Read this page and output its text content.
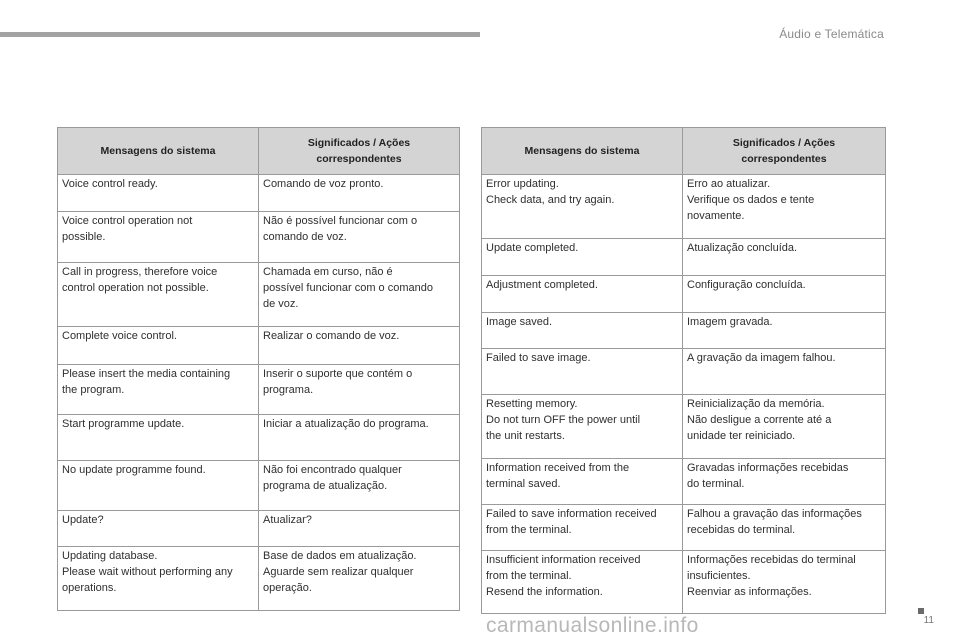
Áudio e Telemática
Mensagens do sistema	Significados / Ações correspondentes

Voice control ready.	Comando de voz pronto.

Voice control operation not
possible.	Não é possível funcionar com o
comando de voz.

Call in progress, therefore voice
control operation not possible.	Chamada em curso, não é
possível funcionar com o comando
de voz.

Complete voice control.	Realizar o comando de voz.

Please insert the media containing
the program.	Inserir o suporte que contém o
programa.

Start programme update.	Iniciar a atualização do programa.

No update programme found.	Não foi encontrado qualquer
programa de atualização.

Update?	Atualizar?

Updating database.
Please wait without performing any
operations.	Base de dados em atualização.
Aguarde sem realizar qualquer
operação.
Mensagens do sistema	Significados / Ações correspondentes

Error updating.
Check data, and try again.	Erro ao atualizar.
Verifique os dados e tente
novamente.

Update completed.	Atualização concluída.

Adjustment completed.	Configuração concluída.

Image saved.	Imagem gravada.

Failed to save image.	A gravação da imagem falhou.

Resetting memory.
Do not turn OFF the power until
the unit restarts.	Reinicialização da memória.
Não desligue a corrente até a
unidade ter reiniciado.

Information received from the
terminal saved.	Gravadas informações recebidas
do terminal.

Failed to save information received
from the terminal.	Falhou a gravação das informações
recebidas do terminal.

Insufficient information received
from the terminal.
Resend the information.	Informações recebidas do terminal
insuficientes.
Reenviar as informações.
11
carmanualsonline.info
